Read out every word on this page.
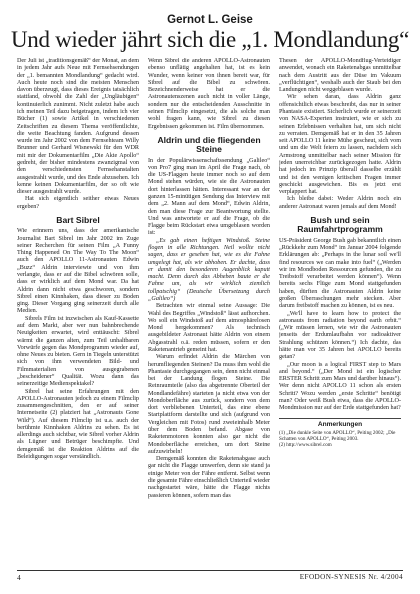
Gernot L. Geise
Und wieder jährt sich die „1. Mondlandung“

Der Juli ist „traditionsgemäß“ der Monat, an dem in jedem Jahr aufs Neue mit Fernsehsendungen der „1. bemannten Mondlandung“ gedacht wird. Auch heute noch sind die meisten Menschen davon überzeugt, dass dieses Ereignis tatsächlich stattfand, obwohl die Zahl der „Ungläubigen“ kontinuierlich zunimmt. Nicht zuletzt habe auch ich meinen Teil dazu beigetragen, indem ich vier Bücher (1) sowie Artikel in verschiedenen Zeitschriften zu diesem Thema veröffentlichte, die weite Beachtung fanden. Aufgrund dessen wurde im Jahr 2002 von dem Fernsehteam Willy Brunner und Gerhard Wisnewski für den WDR mit mir der Dokumentarfilm „Die Akte Apollo“ gedreht, der bisher mindestens zwanzigmal von den verschiedensten Fernsehanstalten ausgestrahlt wurde, und des Ende abzusehen. Ich kenne keinen Dokumentarfilm, der so oft wie dieser ausgestrahlt wurde.

Hat sich eigentlich seither etwas Neues ergeben?

Bart Sibrel

Wie erinnern uns, dass der amerikanische Journalist Bart Sibrel im Jahr 2002 im Zuge seiner Recherchen für seinen Film „A Funny Thing Happened On The Way To The Moon“ auch den APOLLO 11-Astronauten Edwin „Buzz“ Aldrin interviewte und von ihm verlangte, dass er auf die Bibel schwören solle, dass er wirklich auf dem Mond war. Da hat Aldrin dann nicht etwa geschworen, sondern Sibrel einen Kinnhaken, dass dieser zu Boden ging. Dieser Vorgang ging seinerzeit durch alle Medien.

Sibrels Film ist inzwischen als Kauf-Kassette auf dem Markt, aber wer nun bahnbrechende Neuigkeiten erwartet, wird enttäuscht: Sibrel wärmt die ganzen alten, zum Teil unhaltbaren Vorwürfe gegen das Mondprogramm wieder auf, ohne Neues zu bieten. Gern in Tiegeln unterstützt sich von ihm verwendeten Bild- und Filmmaterialien von ausgegrabenen „bescheidener“ Qualität. Wozu dann das seinerzeitige Medienspektakel?

Sibrel hat seine Erfahrungen mit den APOLLO-Astronauten jedoch zu einem Filmclip zusammengeschnitten, den er auf seiner Internetseite (2) platziert hat „Astronauts Gone Wild“). Auf diesem Filmclip ist u.a. auch der berühmte Kinnhaken Aldrins zu sehen. Es ist allerdings auch sichtbar, wie Sibrel vorher Aldrin als Lügner und Betrüger beschimpfte. Und demgemäß ist die Reaktion Aldrins auf die Beleidigungen sogar verständlich.

Wenn Sibrel die anderen APOLLO-Astronauten ebenso unflätig angehalten hat, ist es kein Wunder, wenn keiner von ihnen bereit war, für Sibrel auf die Bibel zu schwören. Bezeichnenderweise hat er die Astronautenszenen auch nicht in voller Länge, sondern nur die entscheidenden Ausschnitte in seinen Filmclip eingesetzt, die als solche man wohl fragen kann, wie Sibrel zu diesen Ergebnissen gekommen ist. Film übernommen.

Aldrin und die fliegenden Steine

In der Populärwissenschaftssendung „Galileo“ von Pro7 ging man im April die Frage nach, ob die US-Flaggen heute immer noch so auf dem Mond stehen würden, wie sie die Astronauten dort hinterlassen hätten. Interessant war an der ganzen 15-minütigen Sendung das Interview mit dem „2. Mann auf dem Mond“, Edwin Aldrin, den man diese Frage zur Beantwortung stellte. Und was antwortete er auf die Frage, ob die Flagge beim Rückstart etwa umgeblasen worden ist:

„Es gab einen heftigen Windstoß. Steine flogen in alle Richtungen. Neil wollte nicht sagen, dass er gesehen hat, wie es die Fahne umgelegt hat, als wir abhoben. Er dachte, dass er damit den besonderen Augenblick kaputt macht. Denn durch das Abheben baute er die Fahne um, als wir wirklich ziemlich tollpatschig“ (Deutsche Übersetzung durch „Galileo“)

Betrachten wir einmal seine Aussage: Die Wahl des Begriffes „Windstoß“ lässt aufhorchen. Wo soll ein Windstoß auf dem atmosphärelosen Mond hergekommen? Als technisch ausgebildeter Astronaut hätte Aldrin von einem Abgasstrahl o.ä. reden müssen, sofern er den Raketenantrieb gemeint hat.

Warum erfindet Aldrin die Märchen von herumfliegenden Steinen? Da muss ihm wohl die Phantasie durchgegangen sein, denn nicht einmal bei der Landung flogen Steine. Die Reinraumteile (also das abgetrennte Oberteil der Mondlandefähre) starteten ja nicht etwa von der Mondoberfläche aus zurück, sondern von dem dort verbliebenen Unterteil, das eine ebene Startplattform darstellte und sich (aufgrund von Vergleichen mit Fotos) rund zweieinhalb Meter über dem Boden befand. Abgase von Raketenmotoren konnten also gar nicht die Mondoberfläche erreichen, um dort Steine aufzuwirbeln!

Demgemäß konnten die Raketenabgase auch gar nicht die Flagge umwerfen, denn sie stand ja einige Meter von der Fähre entfernt. Selbst wenn die gesamte Fähre einschließlich Unterteil wieder nachgestartet wäre, hätte die Flagge nichts passieren können, sofern man das

Thesen der APOLLO-Mondflug-Verteidiger anwendet, wonach ein Raketenabgas unmittelbar nach dem Austritt aus der Düse im Vakuum „verflüchtigen“, weshalb auch der Staub bei den Landungen nicht weggeblasen wurde.

Wir sehen daran, dass Aldrin ganz offensichtlich etwas beschreibt, das nur in seiner Phantasie existiert. Sicherlich wurde er seinerzeit von NASA-Experten instruiert, wie er sich zu seinen Erlebnissen verhalten hat, um sich nicht zu verraten. Demgemäß hat er in den 35 Jahren seit APOLLO 11 keine Mühe gescheut, sich vom und um die Welt feiern zu lassen, nachdem sich Armstrong unmittelbar nach seiner Mission für jeden unerreichbar zurückgezogen hatte. Aldrin hat jedoch im Prinzip überall dasselbe erzählt und ist den wenigen kritischen Fragen immer geschickt ausgewichen. Bis es jetzt erst verplappert hat.

Ich bleibe dabei: Weder Aldrin noch ein anderer Astronaut waren jemals auf dem Mond!

Bush und sein Raumfahrtprogramm

US-Präsident George Bush gab bekanntlich einen „Rückkehr zum Mond“ im Januar 2004 folgende Erklärungen ab: „Perhaps in the lunar soil we'll find resources we can make into fuel“ („Werden wir im Mondboden Ressourcen gefunden, die zu Treibstoff verarbeitet werden können“). Wenn bereits sechs Flüge zum Mond stattgefunden haben, dürften die Astronauten Aldrin keine großen Überraschungen mehr stecken. Aber darum freibstoff machen zu können, ist es neu.

„We'll have to learn how to protect the astronauts from radiation beyond earth orbit.“ („Wir müssen lernen, wie wir die Astronauten jenseits der Erdumlaufbahn vor radioaktiver Strahlung schützen können.“) Ich dachte, das hätte man vor 35 Jahren bei APOLLO bereits getan?

„Our moon is a logical FIRST step to Mars and beyond.“ („Der Mond ist ein logischer ERSTER Schritt zum Mars und darüber hinaus“). Wer denn nicht APOLLO 11 schon als ersten Schritt? Wozu werden „erste Schritte“ benötigt man? Oder weiß Bush etwa, dass die APOLLO-Mondmission nur auf der Erde stattgefunden hat?

Anmerkungen

(1) „Die dunkle Seite von APOLLO“, Peiting 2002; „Die Schatten von APOLLO“, Peiting 2003.

(2) http://www.sibrel.com

4	EFODON-SYNESIS Nr. 4/2004
